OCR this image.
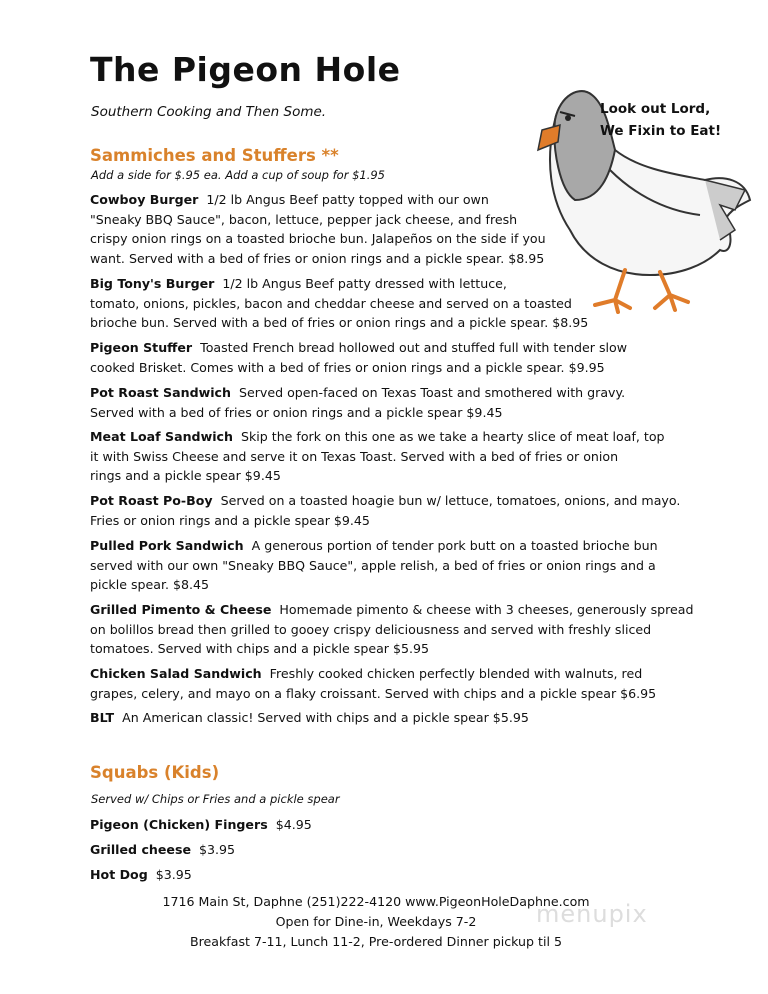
The Pigeon Hole
Southern Cooking and Then Some.	Look out Lord,
We Fixin to Eat!
Sammiches and Stuffers **
Add a side for $.95 ea. Add a cup of soup for $1.95
Cowboy Burger 1/2 lb Angus Beef patty topped with our own
"Sneaky BBQ Sauce", bacon, lettuce, pepper jack cheese, and fresh
crispy onion rings on a toasted brioche bun. Jalapeños on the side if you
want. Served with a bed of fries or onion rings and a pickle spear. $8.95
Big Tony's Burger  1/2 lb Angus Beef patty dressed with lettuce,
tomato, onions, pickles, bacon and cheddar cheese and served on a toasted
brioche bun. Served with a bed of fries or onion rings and a pickle spear. $8.95
Pigeon Stuffer Toasted French bread hollowed out and stuffed full with tender slow
cooked Brisket. Comes with a bed of fries or onion rings and a pickle spear. $9.95
Pot Roast Sandwich Served open-faced on Texas Toast and smothered with gravy.
Served with a bed of fries or onion rings and a pickle spear $9.45
Meat Loaf Sandwich Skip the fork on this one as we take a hearty slice of meat loaf, top
it with Swiss Cheese and serve it on Texas Toast. Served with a bed of fries or onion
rings and a pickle spear $9.45
Pot Roast Po-Boy Served on a toasted hoagie bun w/ lettuce, tomatoes, onions, and mayo.
Fries or onion rings and a pickle spear $9.45
Pulled Pork Sandwich A generous portion of tender pork butt on a toasted brioche bun
served with our own "Sneaky BBQ Sauce", apple relish, a bed of fries or onion rings and a
pickle spear. $8.45
Grilled Pimento & Cheese Homemade pimento & cheese with 3 cheeses, generously spread
on bolillos bread then grilled to gooey crispy deliciousness and served with freshly sliced
tomatoes. Served with chips and a pickle spear $5.95
Chicken Salad Sandwich Freshly cooked chicken perfectly blended with walnuts, red
grapes, celery, and mayo on a flaky croissant. Served with chips and a pickle spear $6.95
BLT  An American classic! Served with chips and a pickle spear $5.95
Squabs (Kids)
Served w/ Chips or Fries and a pickle spear
Pigeon (Chicken) Fingers $4.95
Grilled cheese $3.95
Hot Dog $3.95
1716 Main St, Daphne (251)222-4120 www.PigeonHoleDaphne.com
Open for Dine-in, Weekdays 7-2
Breakfast 7-11, Lunch 11-2, Pre-ordered Dinner pickup til 5
menupix
